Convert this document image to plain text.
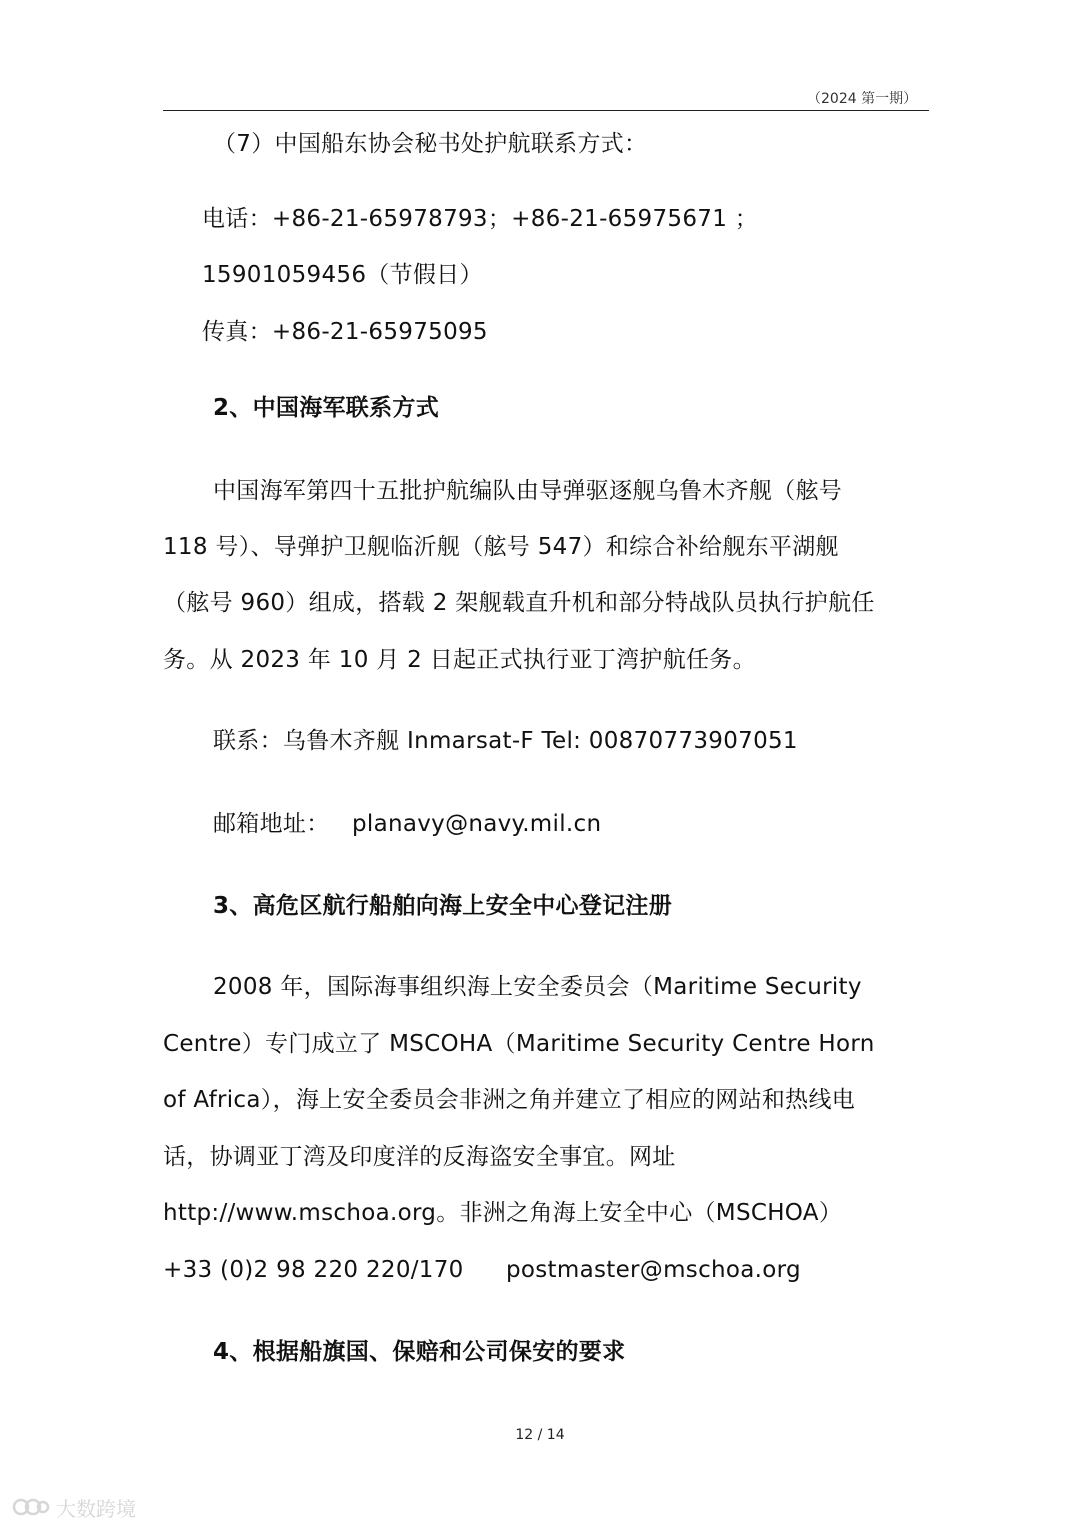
（2024 第一期）
（7）中国船东协会秘书处护航联系方式：
电话：+86-21-65978793；+86-21-65975671 ；
15901059456（节假日）
传真：+86-21-65975095
2、中国海军联系方式
中国海军第四十五批护航编队由导弹驱逐舰乌鲁木齐舰（舷号
118 号）、导弹护卫舰临沂舰（舷号 547）和综合补给舰东平湖舰
（舷号 960）组成，搭载 2 架舰载直升机和部分特战队员执行护航任
务。从 2023 年 10 月 2 日起正式执行亚丁湾护航任务。
联系：乌鲁木齐舰 Inmarsat-F Tel: 00870773907051
邮箱地址： planavy@navy.mil.cn
3、高危区航行船舶向海上安全中心登记注册
2008 年，国际海事组织海上安全委员会（Maritime Security
Centre）专门成立了 MSCOHA（Maritime Security Centre Horn
of Africa），海上安全委员会非洲之角并建立了相应的网站和热线电
话，协调亚丁湾及印度洋的反海盗安全事宜。网址
http://www.mschoa.org。非洲之角海上安全中心（MSCHOA）
+33 (0)2 98 220 220/170 postmaster@mschoa.org
4、根据船旗国、保赔和公司保安的要求
12 / 14
大数跨境
